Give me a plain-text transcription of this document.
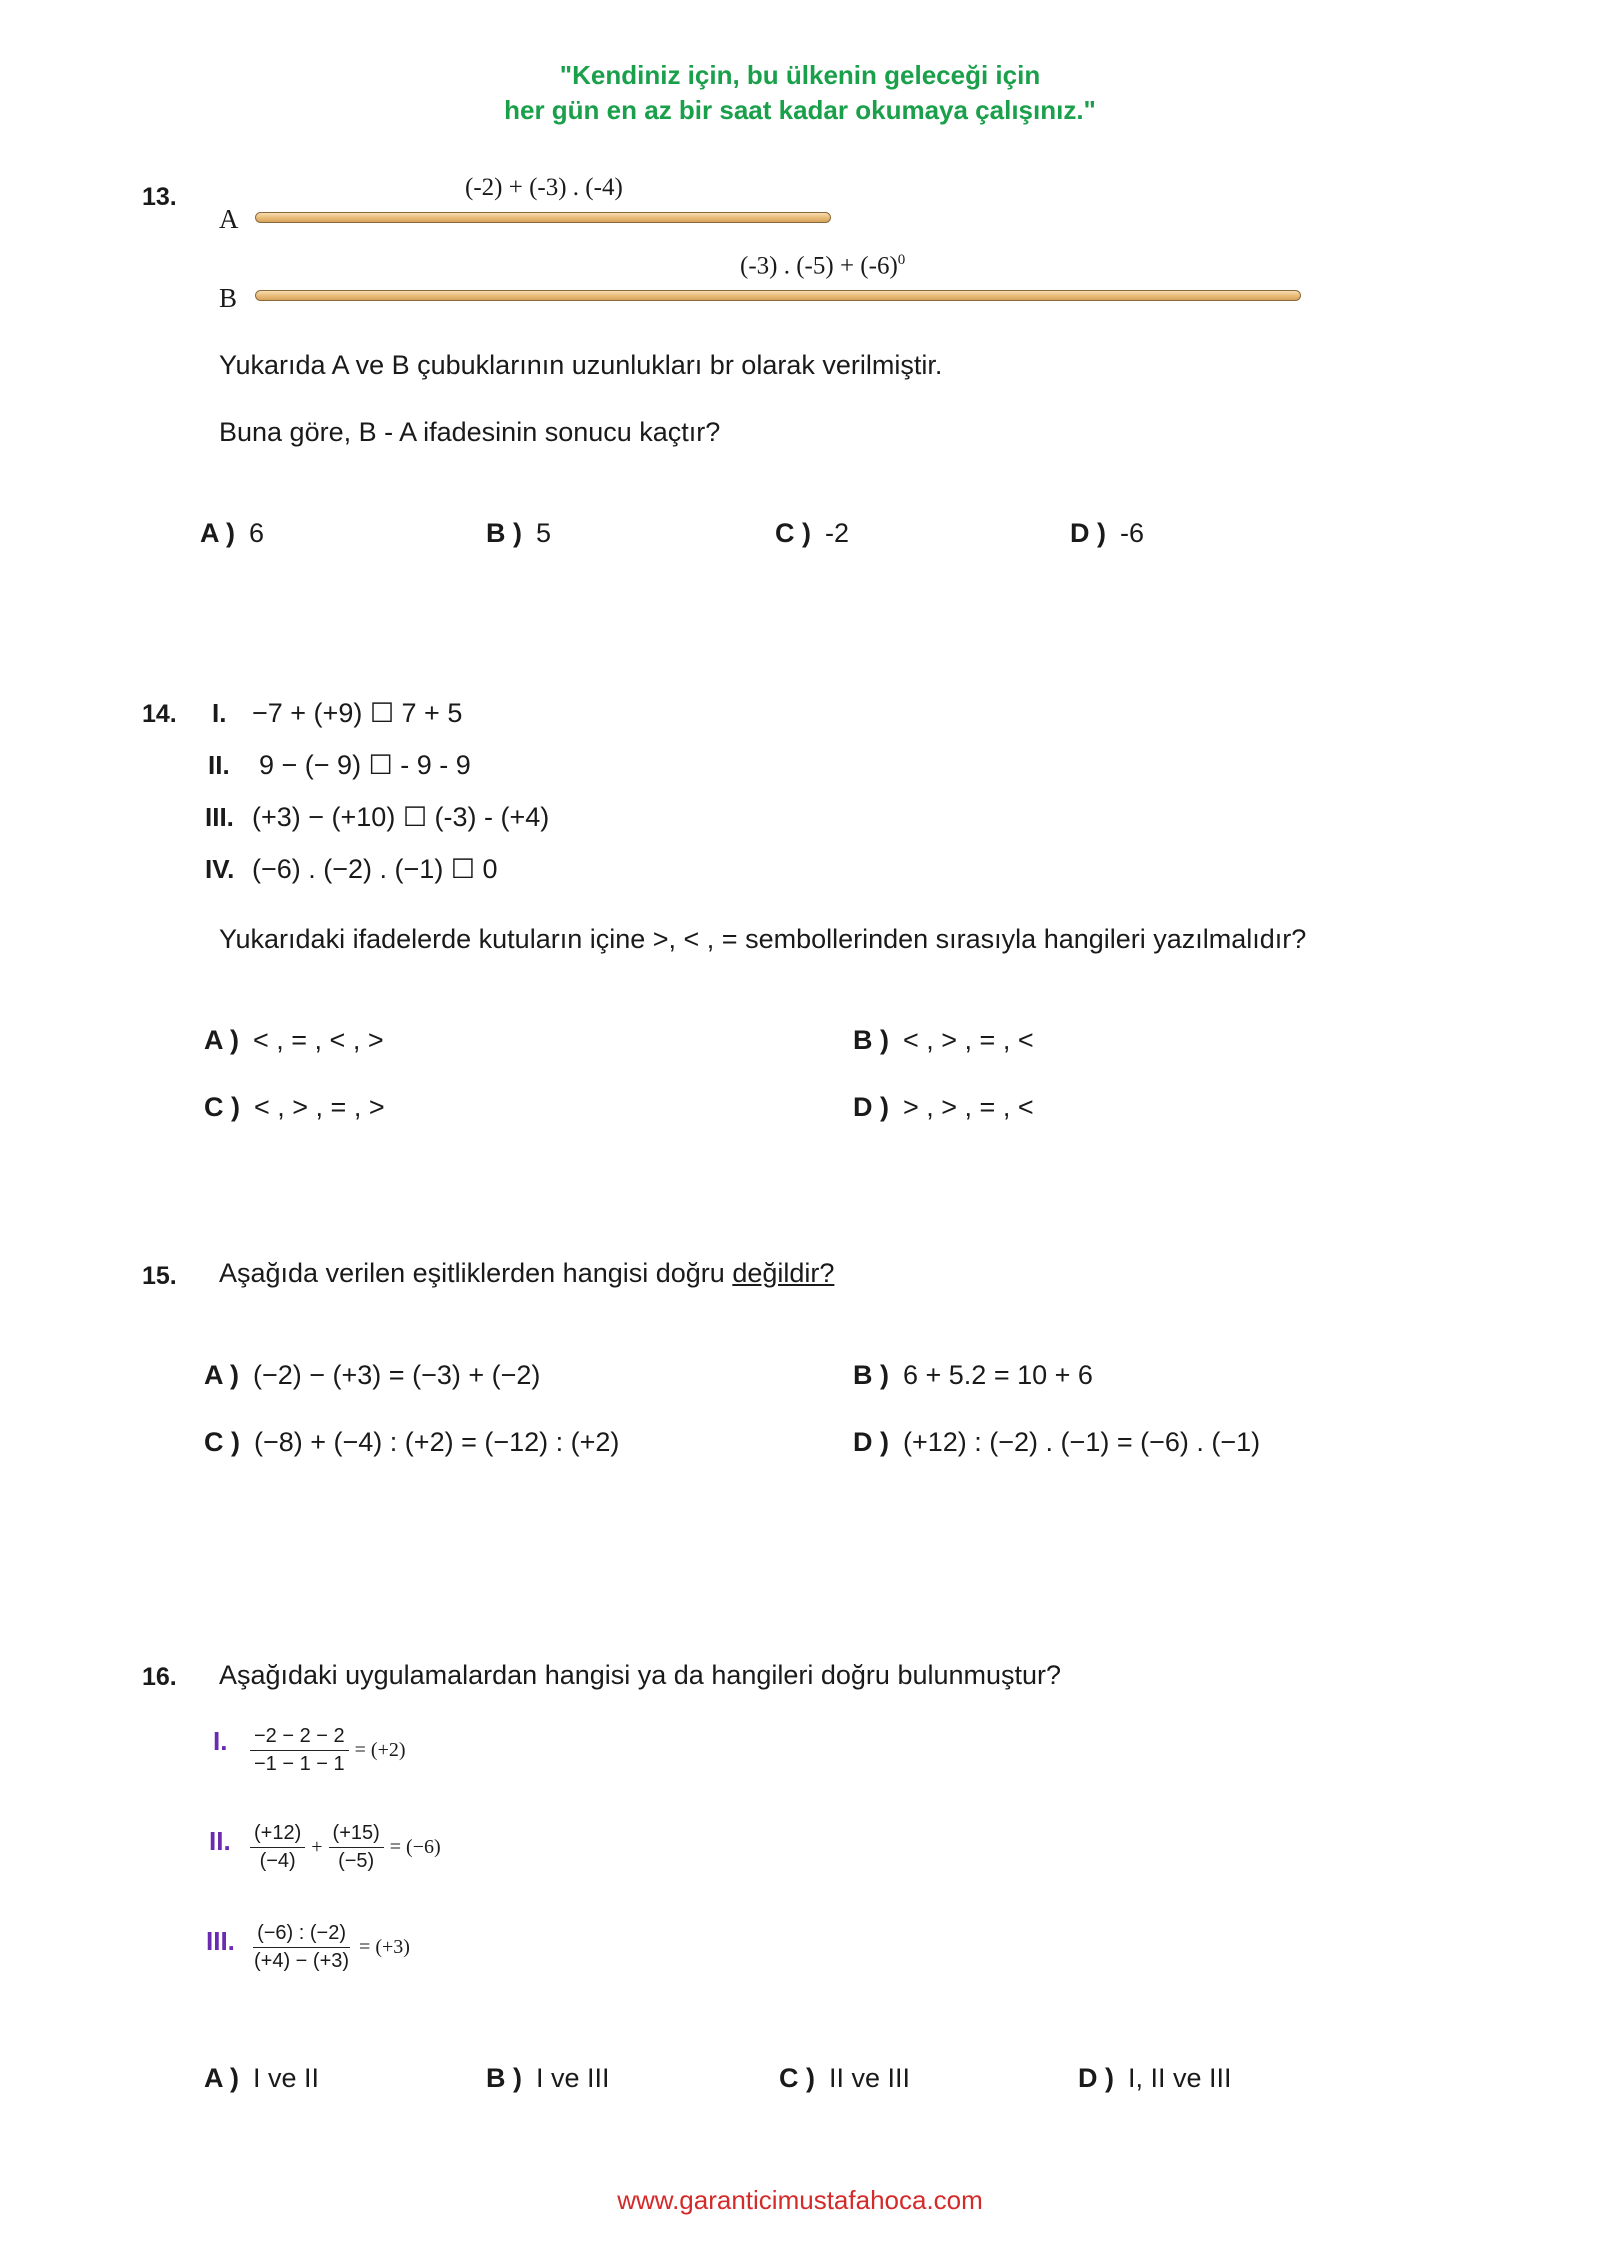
"Kendiniz için, bu ülkenin geleceği için
her gün en az bir saat kadar okumaya çalışınız."
13.	(-2) + (-3) . (-4)
A
(-3) . $(-5) + (-6)^0$
B
Yukarıda A ve B çubuklarının uzunlukları br olarak verilmiştir.
Buna göre, B - A ifadesinin sonucu kaçtır?
A ) 6	B ) 5	C ) -2	D ) -6
14. I. −7 + (+9) ☐ 7 + 5
II. 9 − (− 9) ☐ - 9 - 9
III. (+3) − (+10) ☐ (-3) - (+4)
IV. (−6) . (−2) . (−1) ☐ 0
Yukarıdaki ifadelerde kutuların içine >, < , = sembollerinden sırasıyla hangileri yazılmalıdır?
A ) < , = , < , >	B ) < , > , = , <
C ) < , > , = , >	D ) > , > , = , <
15. Aşağıda verilen eşitliklerden hangisi doğru değildir?
A ) (−2) − (+3) = (−3) + (−2)	B ) 6 + 5.2 = 10 + 6
C ) (−8) + (−4) : (+2) = (−12) : (+2)	D ) (+12) : (−2) . (−1) = (−6) . (−1)
16. Aşağıdaki uygulamalardan hangisi ya da hangileri doğru bulunmuştur?
I. $\frac{-2 - 2 - 2}{-1 - 1 - 1} = (+2)$
II. $\frac{(+12)}{(-4)} + \frac{(+15)}{(-5)} = (-6)$
III. $\frac{(-6) : (-2)}{(+4) - (+3)} = (+3)$
A ) I ve II	B ) I ve III	C ) II ve III	D ) I, II ve III
www.garanticimustafahoca.com
